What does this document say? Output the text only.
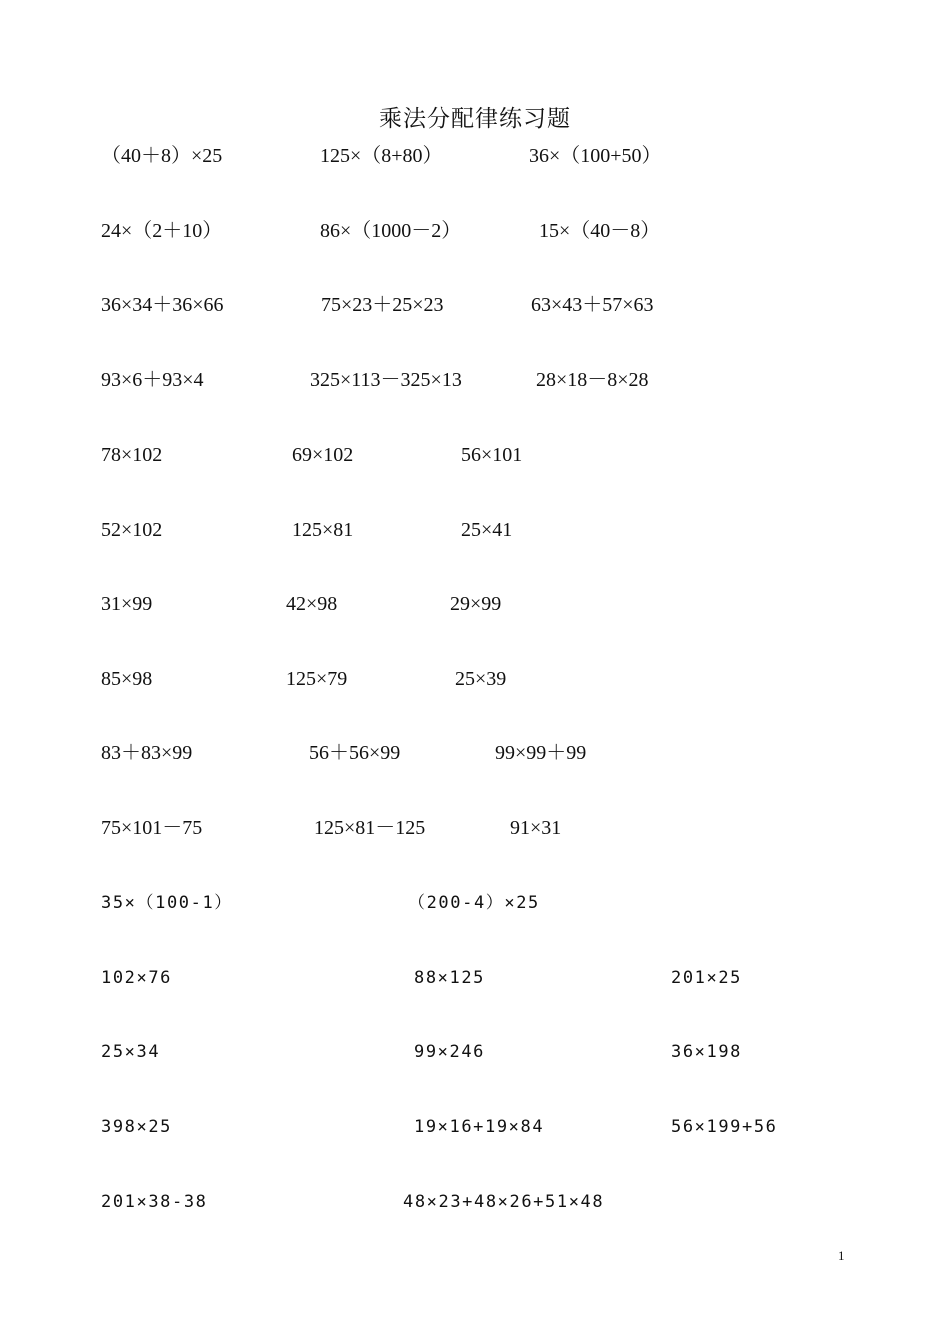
乘法分配律练习题
（40＋8）×25	125×（8+80）	36×（100+50）
24×（2＋10）	86×（1000－2）	15×（40－8）
36×34＋36×66	75×23＋25×23	63×43＋57×63
93×6＋93×4	325×113－325×13	28×18－8×28
78×102	69×102	56×101
52×102	125×81	25×41
31×99	42×98	29×99
85×98	125×79	25×39
83＋83×99	56＋56×99	99×99＋99
75×101－75	125×81－125	91×31
35×（100-1）	（200-4）×25
102×76	88×125	201×25
25×34	99×246	36×198
398×25	19×16+19×84	56×199+56
201×38-38	48×23+48×26+51×48
1
